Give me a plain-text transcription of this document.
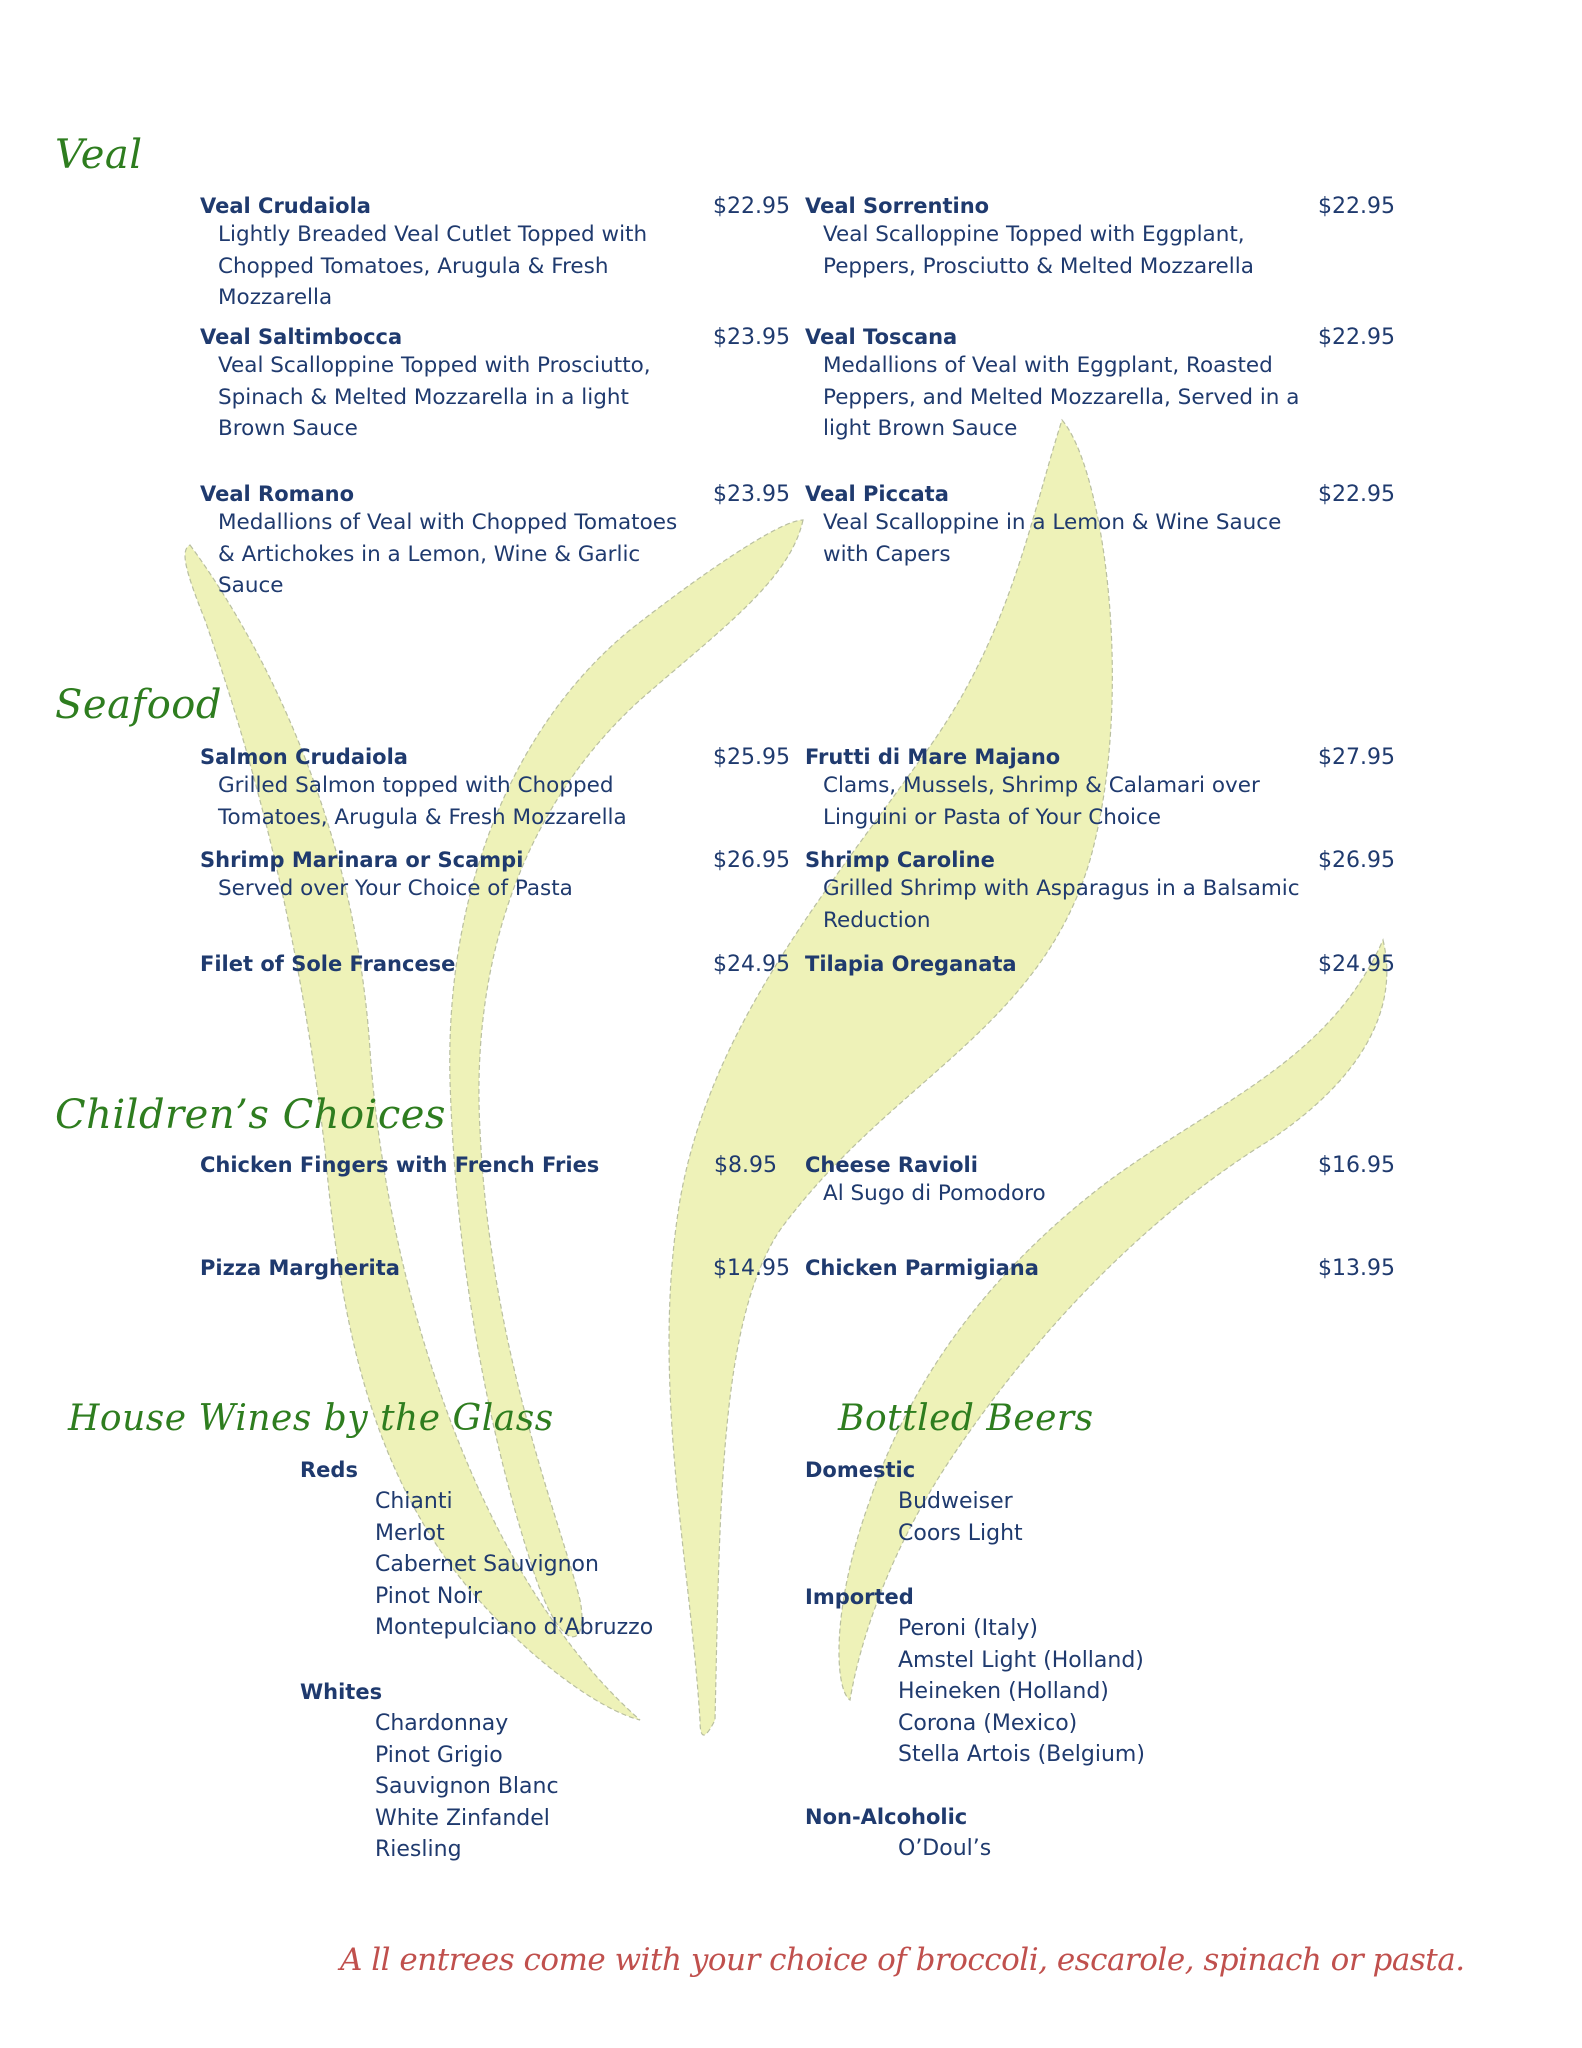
Veal
Veal Crudaiola	$22.95
Lightly Breaded Veal Cutlet Topped with Chopped Tomatoes, Arugula & Fresh Mozzarella
Veal Saltimbocca	$23.95
Veal Scalloppine Topped with Prosciutto, Spinach & Melted Mozzarella in a light Brown Sauce
Veal Romano	$23.95
Medallions of Veal with Chopped Tomatoes & Artichokes in a Lemon, Wine & Garlic Sauce
Veal Sorrentino	$22.95
Veal Scalloppine Topped with Eggplant, Peppers, Prosciutto & Melted Mozzarella
Veal Toscana	$22.95
Medallions of Veal with Eggplant, Roasted Peppers, and Melted Mozzarella, Served in a light Brown Sauce
Veal Piccata	$22.95
Veal Scalloppine in a Lemon & Wine Sauce with Capers
Seafood
Salmon Crudaiola	$25.95
Grilled Salmon topped with Chopped Tomatoes, Arugula & Fresh Mozzarella
Shrimp Marinara or Scampi	$26.95
Served over Your Choice of Pasta
Filet of Sole Francese	$24.95
Frutti di Mare Majano	$27.95
Clams, Mussels, Shrimp & Calamari over Linguini or Pasta of Your Choice
Shrimp Caroline	$26.95
Grilled Shrimp with Asparagus in a Balsamic Reduction
Tilapia Oreganata	$24.95
Children’s Choices
Chicken Fingers with French Fries	$8.95
Pizza Margherita	$14.95
Cheese Ravioli	$16.95
Al Sugo di Pomodoro
Chicken Parmigiana	$13.95
House Wines by the Glass
Reds
Chianti
Merlot
Cabernet Sauvignon
Pinot Noir
Montepulciano d’Abruzzo
Whites
Chardonnay
Pinot Grigio
Sauvignon Blanc
White Zinfandel
Riesling
Bottled Beers
Domestic
Budweiser
Coors Light
Imported
Peroni (Italy)
Amstel Light (Holland)
Heineken (Holland)
Corona (Mexico)
Stella Artois (Belgium)
Non-Alcoholic
O’Doul’s
A ll entrees come with your choice of broccoli, escarole, spinach or pasta.
